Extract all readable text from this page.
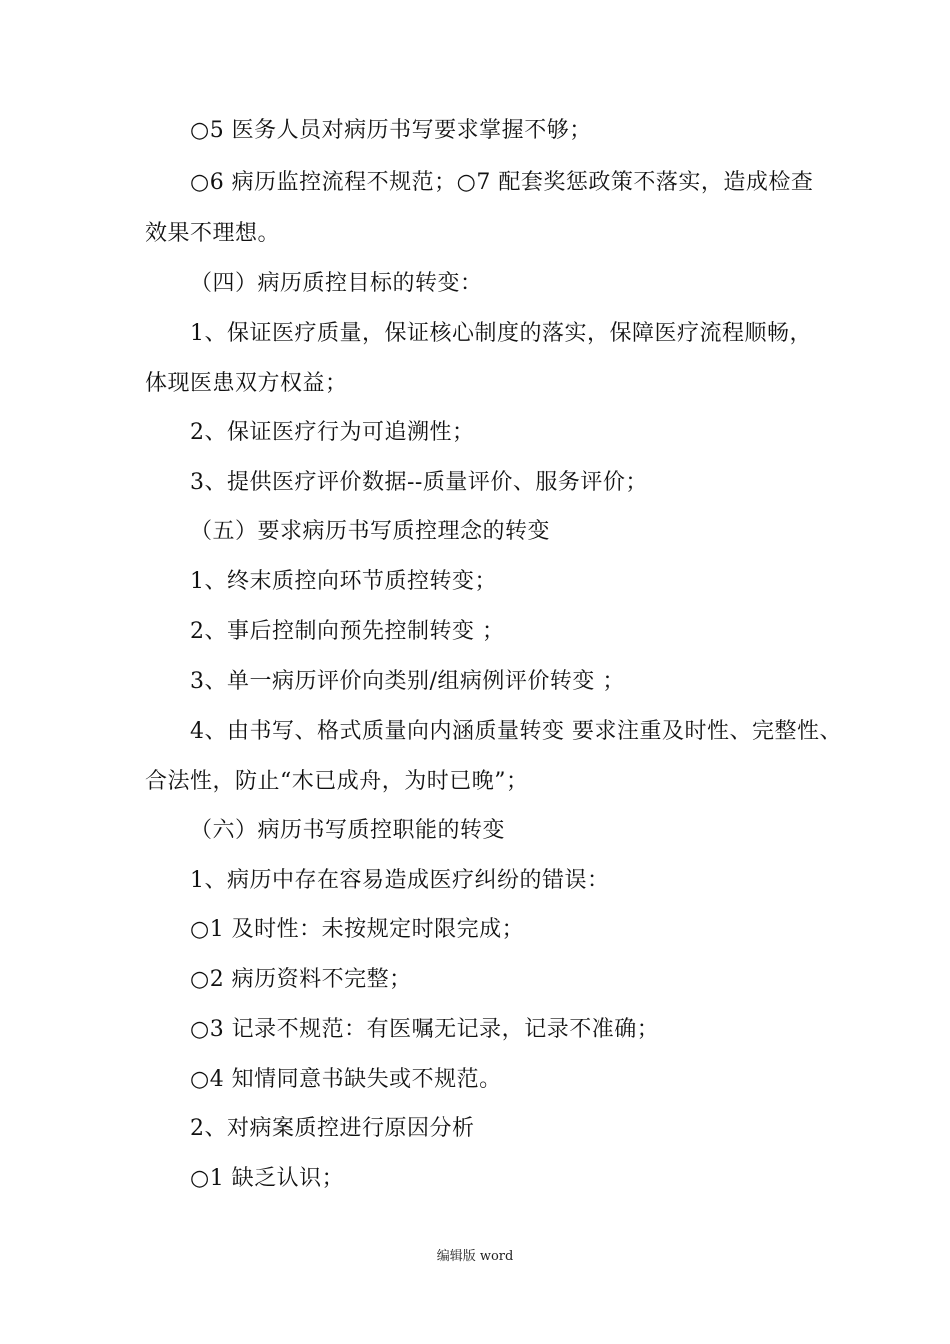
○5 医务人员对病历书写要求掌握不够；
○6 病历监控流程不规范；○7 配套奖惩政策不落实，造成检查
效果不理想。
（四）病历质控目标的转变：
1、保证医疗质量，保证核心制度的落实，保障医疗流程顺畅，
体现医患双方权益；
2、保证医疗行为可追溯性；
3、提供医疗评价数据--质量评价、服务评价；
（五）要求病历书写质控理念的转变
1、终末质控向环节质控转变；
2、事后控制向预先控制转变 ；
3、单一病历评价向类别/组病例评价转变 ；
4、由书写、格式质量向内涵质量转变 要求注重及时性、完整性、
合法性，防止“木已成舟，为时已晚”；
（六）病历书写质控职能的转变
1、病历中存在容易造成医疗纠纷的错误：
○1 及时性：未按规定时限完成；
○2 病历资料不完整；
○3 记录不规范：有医嘱无记录，记录不准确；
○4 知情同意书缺失或不规范。
2、对病案质控进行原因分析
○1 缺乏认识；
编辑版 word
